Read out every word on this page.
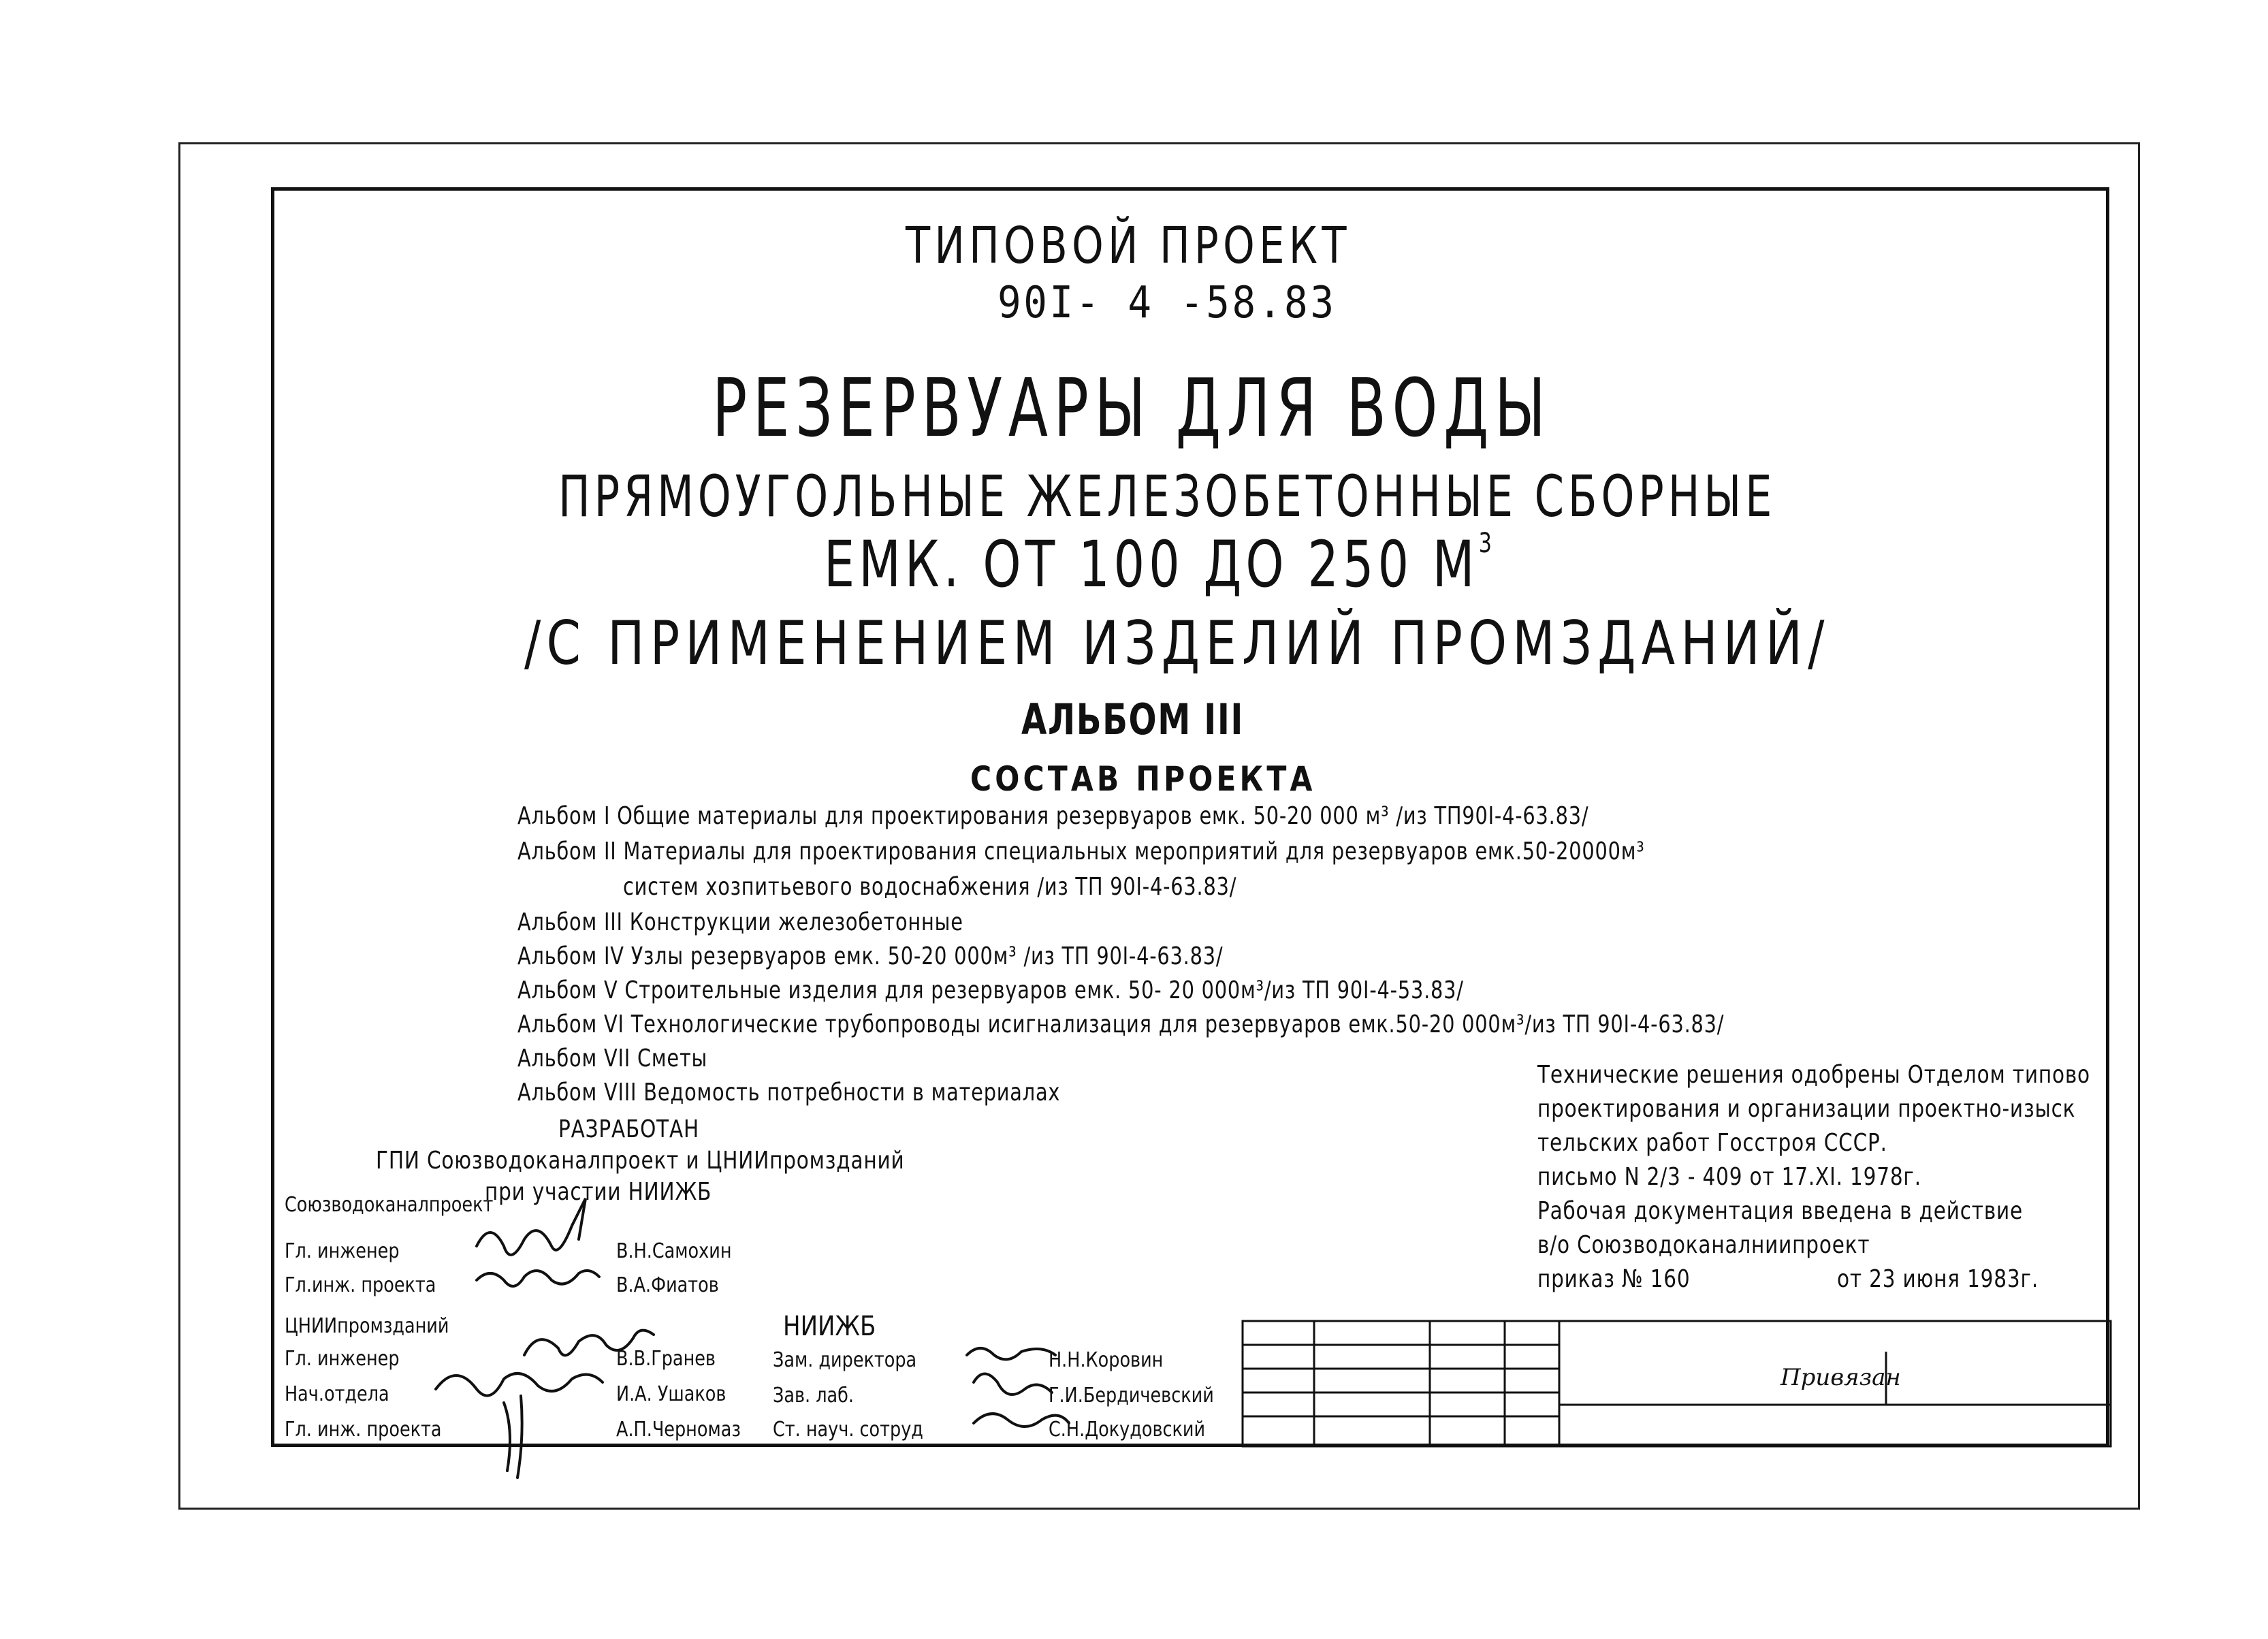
ТИПОВОЙ ПРОЕКТ
90I- 4 -58.83
РЕЗЕРВУАРЫ ДЛЯ ВОДЫ
ПРЯМОУГОЛЬНЫЕ ЖЕЛЕЗОБЕТОННЫЕ СБОРНЫЕ
ЕМК. ОТ 100 ДО 250 $М^3$
/С ПРИМЕНЕНИЕМ ИЗДЕЛИЙ ПРОМЗДАНИЙ/
АЛЬБОМ III
СОСТАВ ПРОЕКТА
Альбом I Общие материалы для проектирования резервуаров емк. 50-20 000 м³ /из ТП90I-4-63.83/
Альбом II Материалы для проектирования специальных мероприятий для резервуаров емк.50-20000м³
систем хозпитьевого водоснабжения /из ТП 90I-4-63.83/
Альбом III Конструкции железобетонные
Альбом IV Узлы резервуаров емк. 50-20 000м³ /из ТП 90I-4-63.83/
Альбом V Строительные изделия для резервуаров емк. 50- 20 000м³/из ТП 90I-4-53.83/
Альбом VI Технологические трубопроводы исигнализация для резервуаров емк.50-20 000м³/из ТП 90I-4-63.83/
Альбом VII Сметы
Альбом VIII Ведомость потребности в материалах
РАЗРАБОТАН
ГПИ Союзводоканалпроект и ЦНИИпромзданий
при участии НИИЖБ
Технические решения одобрены Отделом типово
проектирования и организации проектно-изыск
тельских работ Госстроя СССР.
письмо N 2/3 - 409 от 17.XI. 1978г.
Рабочая документация введена в действие
в/о Союзводоканалниипроект
приказ № 160	от 23 июня 1983г.
Союзводоканалпроект
Гл. инженер	В.Н.Самохин
Гл.инж. проекта	В.А.Фиатов
ЦНИИпромзданий
Гл. инженер	В.В.Гранев
Нач.отдела	И.А. Ушаков
Гл. инж. проекта	А.П.Черномаз
НИИЖБ
Зам. директора	Н.Н.Коровин
Зав. лаб.	Г.И.Бердичевский
Ст. науч. сотруд	С.Н.Докудовский
Привязан
